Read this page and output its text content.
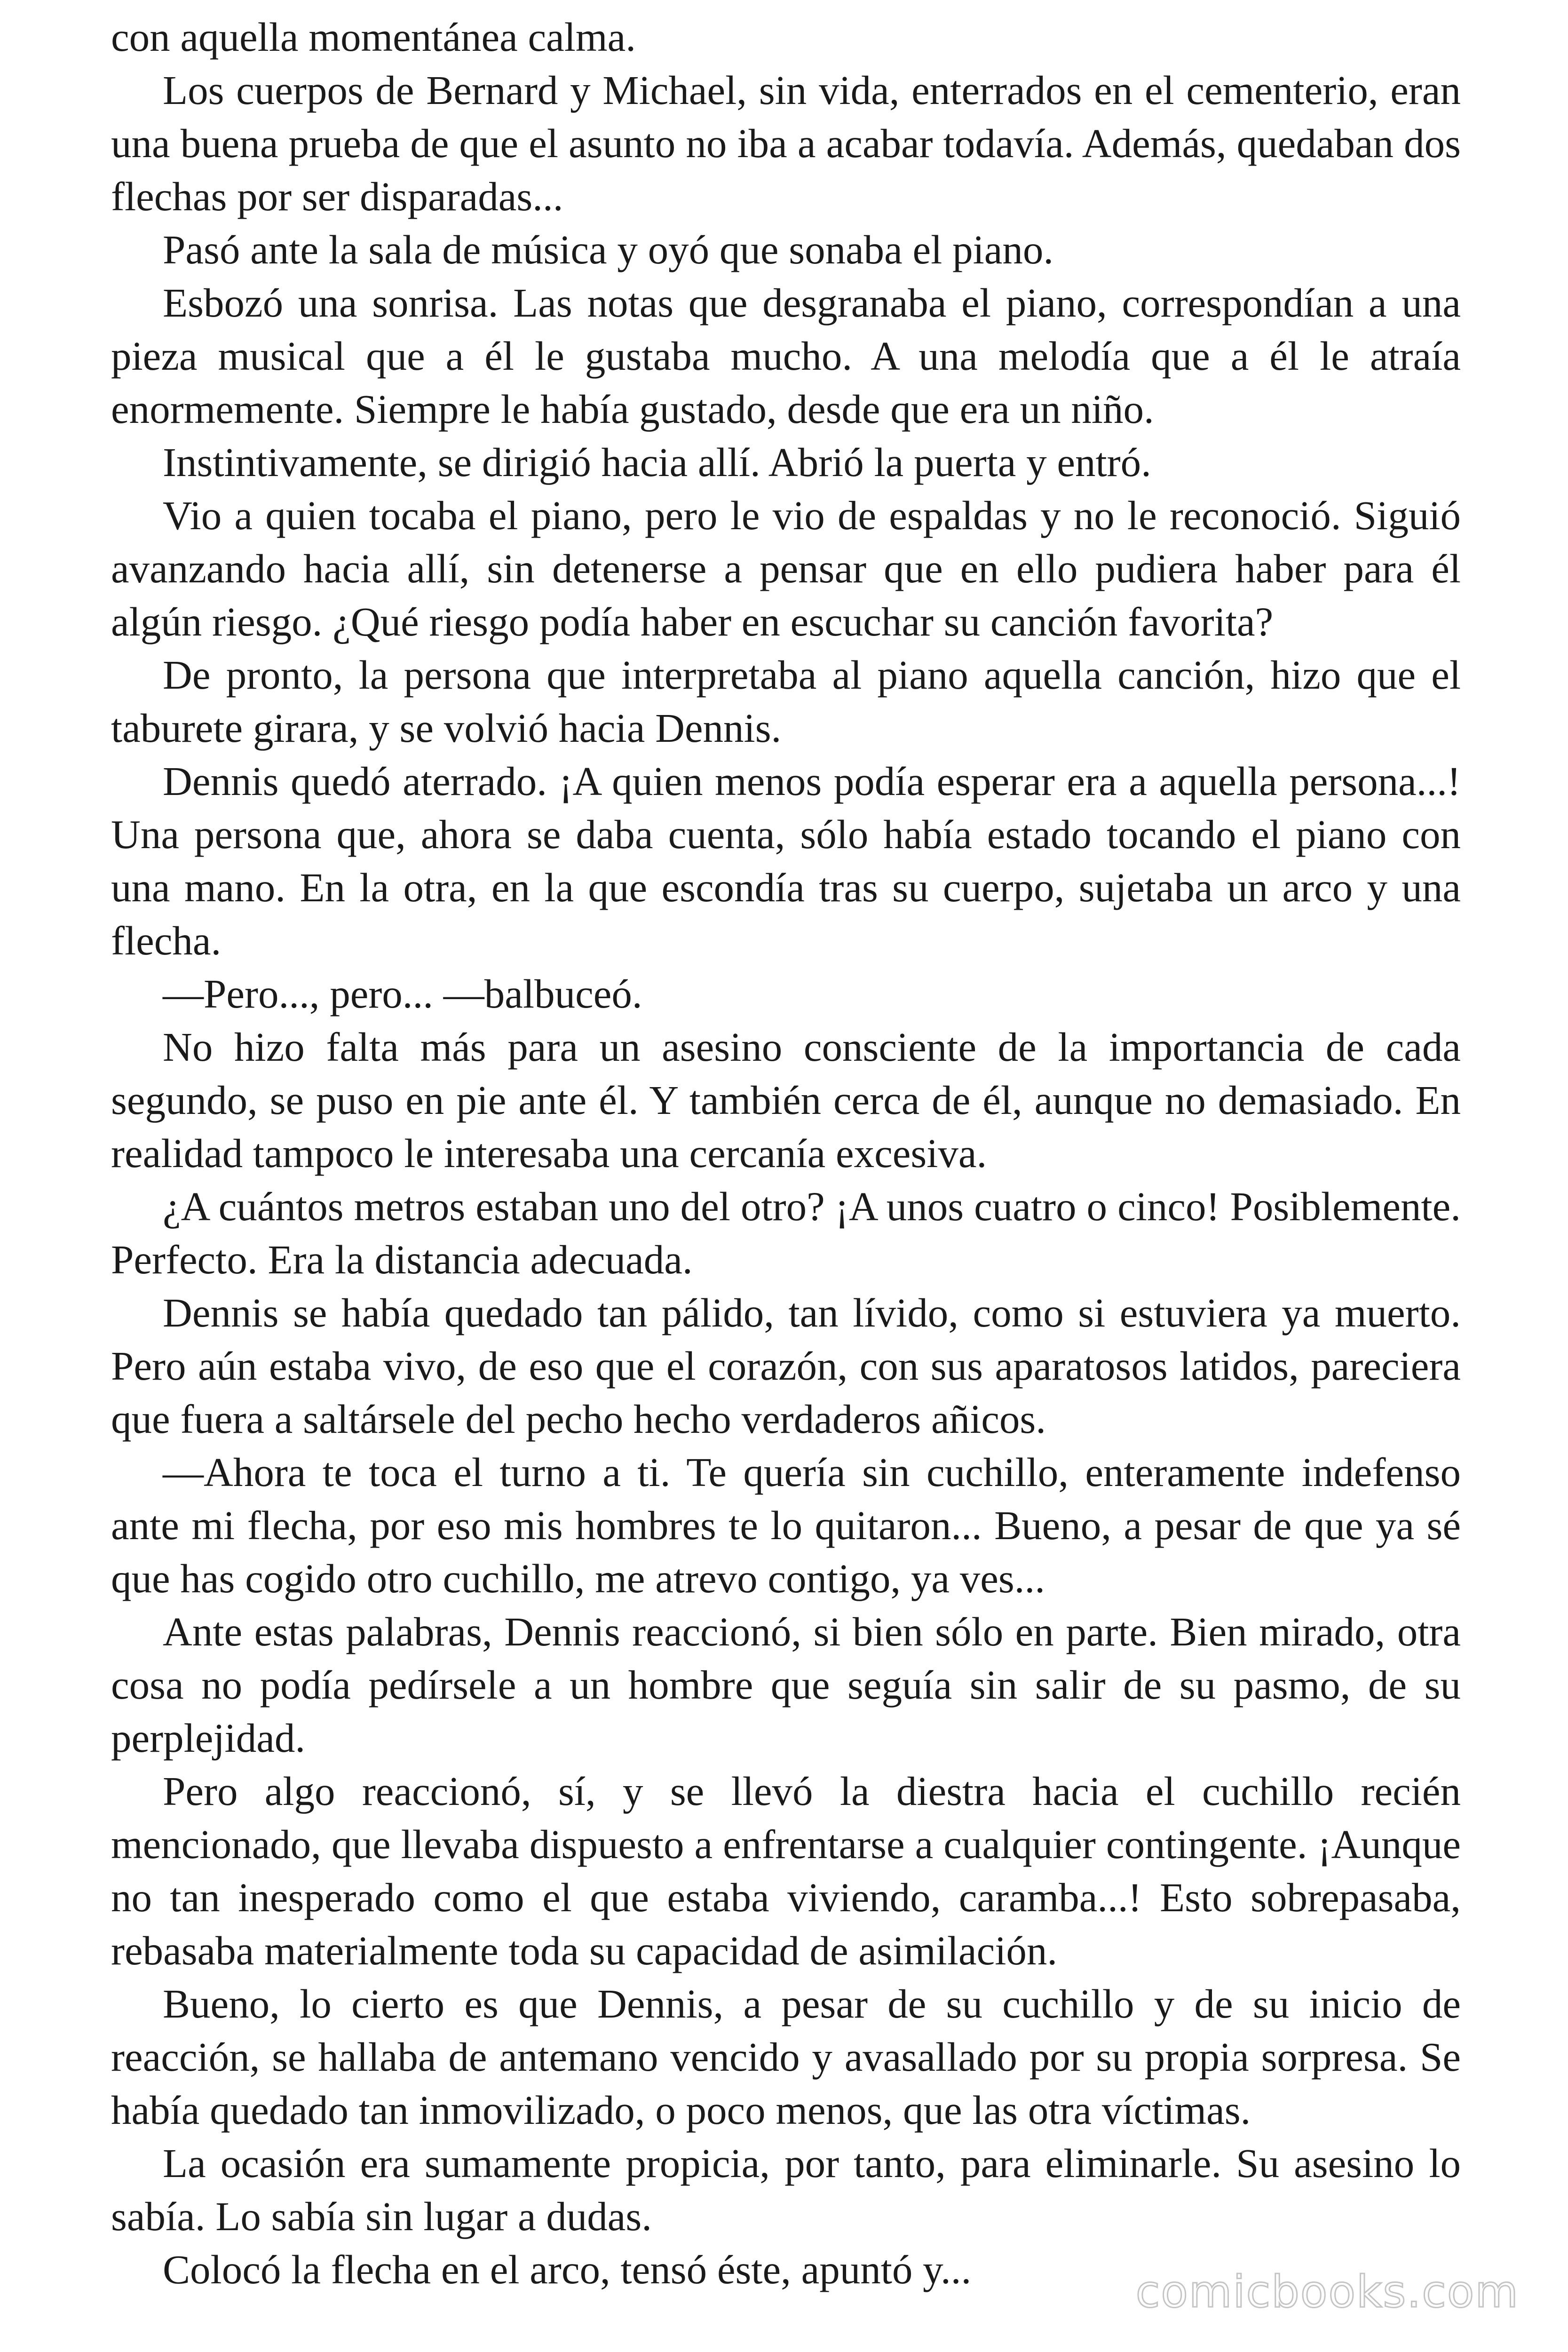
con aquella momentánea calma.

Los cuerpos de Bernard y Michael, sin vida, enterrados en el cementerio, eran una buena prueba de que el asunto no iba a acabar todavía. Además, quedaban dos flechas por ser disparadas...

Pasó ante la sala de música y oyó que sonaba el piano.

Esbozó una sonrisa. Las notas que desgranaba el piano, correspondían a una pieza musical que a él le gustaba mucho. A una melodía que a él le atraía enormemente. Siempre le había gustado, desde que era un niño.

Instintivamente, se dirigió hacia allí. Abrió la puerta y entró.

Vio a quien tocaba el piano, pero le vio de espaldas y no le reconoció. Siguió avanzando hacia allí, sin detenerse a pensar que en ello pudiera haber para él algún riesgo. ¿Qué riesgo podía haber en escuchar su canción favorita?

De pronto, la persona que interpretaba al piano aquella canción, hizo que el taburete girara, y se volvió hacia Dennis.

Dennis quedó aterrado. ¡A quien menos podía esperar era a aquella persona...! Una persona que, ahora se daba cuenta, sólo había estado tocando el piano con una mano. En la otra, en la que escondía tras su cuerpo, sujetaba un arco y una flecha.

—Pero..., pero... —balbuceó.

No hizo falta más para un asesino consciente de la importancia de cada segundo, se puso en pie ante él. Y también cerca de él, aunque no demasiado. En realidad tampoco le interesaba una cercanía excesiva.

¿A cuántos metros estaban uno del otro? ¡A unos cuatro o cinco! Posiblemente. Perfecto. Era la distancia adecuada.

Dennis se había quedado tan pálido, tan lívido, como si estuviera ya muerto. Pero aún estaba vivo, de eso que el corazón, con sus aparatosos latidos, pareciera que fuera a saltársele del pecho hecho verdaderos añicos.

—Ahora te toca el turno a ti. Te quería sin cuchillo, enteramente indefenso ante mi flecha, por eso mis hombres te lo quitaron... Bueno, a pesar de que ya sé que has cogido otro cuchillo, me atrevo contigo, ya ves...

Ante estas palabras, Dennis reaccionó, si bien sólo en parte. Bien mirado, otra cosa no podía pedírsele a un hombre que seguía sin salir de su pasmo, de su perplejidad.

Pero algo reaccionó, sí, y se llevó la diestra hacia el cuchillo recién mencionado, que llevaba dispuesto a enfrentarse a cualquier contingente. ¡Aunque no tan inesperado como el que estaba viviendo, caramba...! Esto sobrepasaba, rebasaba materialmente toda su capacidad de asimilación.

Bueno, lo cierto es que Dennis, a pesar de su cuchillo y de su inicio de reacción, se hallaba de antemano vencido y avasallado por su propia sorpresa. Se había quedado tan inmovilizado, o poco menos, que las otra víctimas.

La ocasión era sumamente propicia, por tanto, para eliminarle. Su asesino lo sabía. Lo sabía sin lugar a dudas.

Colocó la flecha en el arco, tensó éste, apuntó y...	comicbooks.com
